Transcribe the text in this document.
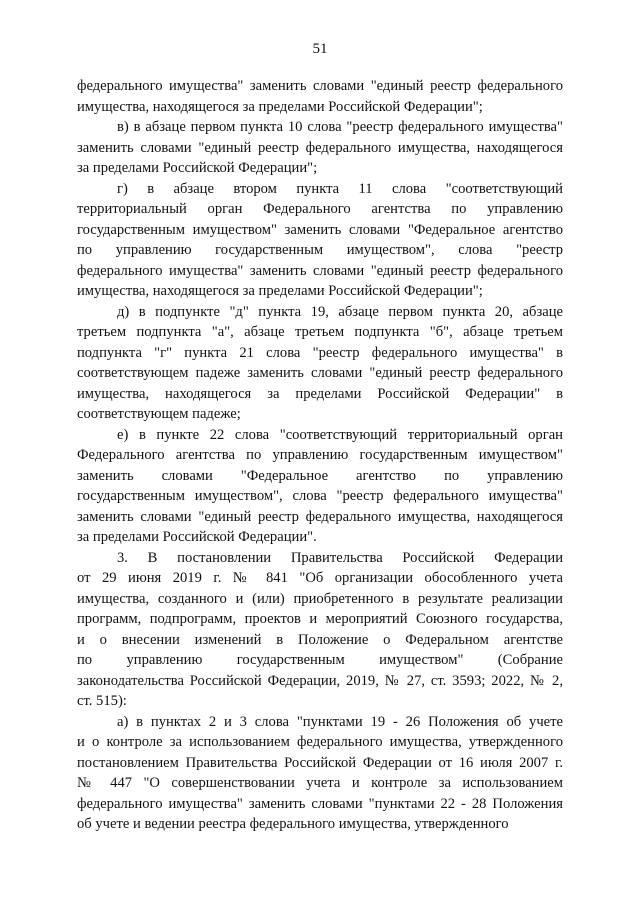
51
федерального имущества" заменить словами "единый реестр федерального
имущества, находящегося за пределами Российской Федерации";
в) в абзаце первом пункта 10 слова "реестр федерального имущества"
заменить словами "единый реестр федерального имущества, находящегося
за пределами Российской Федерации";
г) в абзаце втором пункта 11 слова "соответствующий
территориальный орган Федерального агентства по управлению
государственным имуществом" заменить словами "Федеральное агентство
по управлению государственным имуществом", слова "реестр
федерального имущества" заменить словами "единый реестр федерального
имущества, находящегося за пределами Российской Федерации";
д) в подпункте "д" пункта 19, абзаце первом пункта 20, абзаце
третьем подпункта "а", абзаце третьем подпункта "б", абзаце третьем
подпункта "г" пункта 21 слова "реестр федерального имущества" в
соответствующем падеже заменить словами "единый реестр федерального
имущества, находящегося за пределами Российской Федерации" в
соответствующем падеже;
е) в пункте 22 слова "соответствующий территориальный орган
Федерального агентства по управлению государственным имуществом"
заменить словами "Федеральное агентство по управлению
государственным имуществом", слова "реестр федерального имущества"
заменить словами "единый реестр федерального имущества, находящегося
за пределами Российской Федерации".
3. В постановлении Правительства Российской Федерации
от 29 июня 2019 г. № 841 "Об организации обособленного учета
имущества, созданного и (или) приобретенного в результате реализации
программ, подпрограмм, проектов и мероприятий Союзного государства,
и о внесении изменений в Положение о Федеральном агентстве
по управлению государственным имуществом" (Собрание
законодательства Российской Федерации, 2019, № 27, ст. 3593; 2022, № 2,
ст. 515):
а) в пунктах 2 и 3 слова "пунктами 19 - 26 Положения об учете
и о контроле за использованием федерального имущества, утвержденного
постановлением Правительства Российской Федерации от 16 июля 2007 г.
№ 447 "О совершенствовании учета и контроле за использованием
федерального имущества" заменить словами "пунктами 22 - 28 Положения
об учете и ведении реестра федерального имущества, утвержденного
